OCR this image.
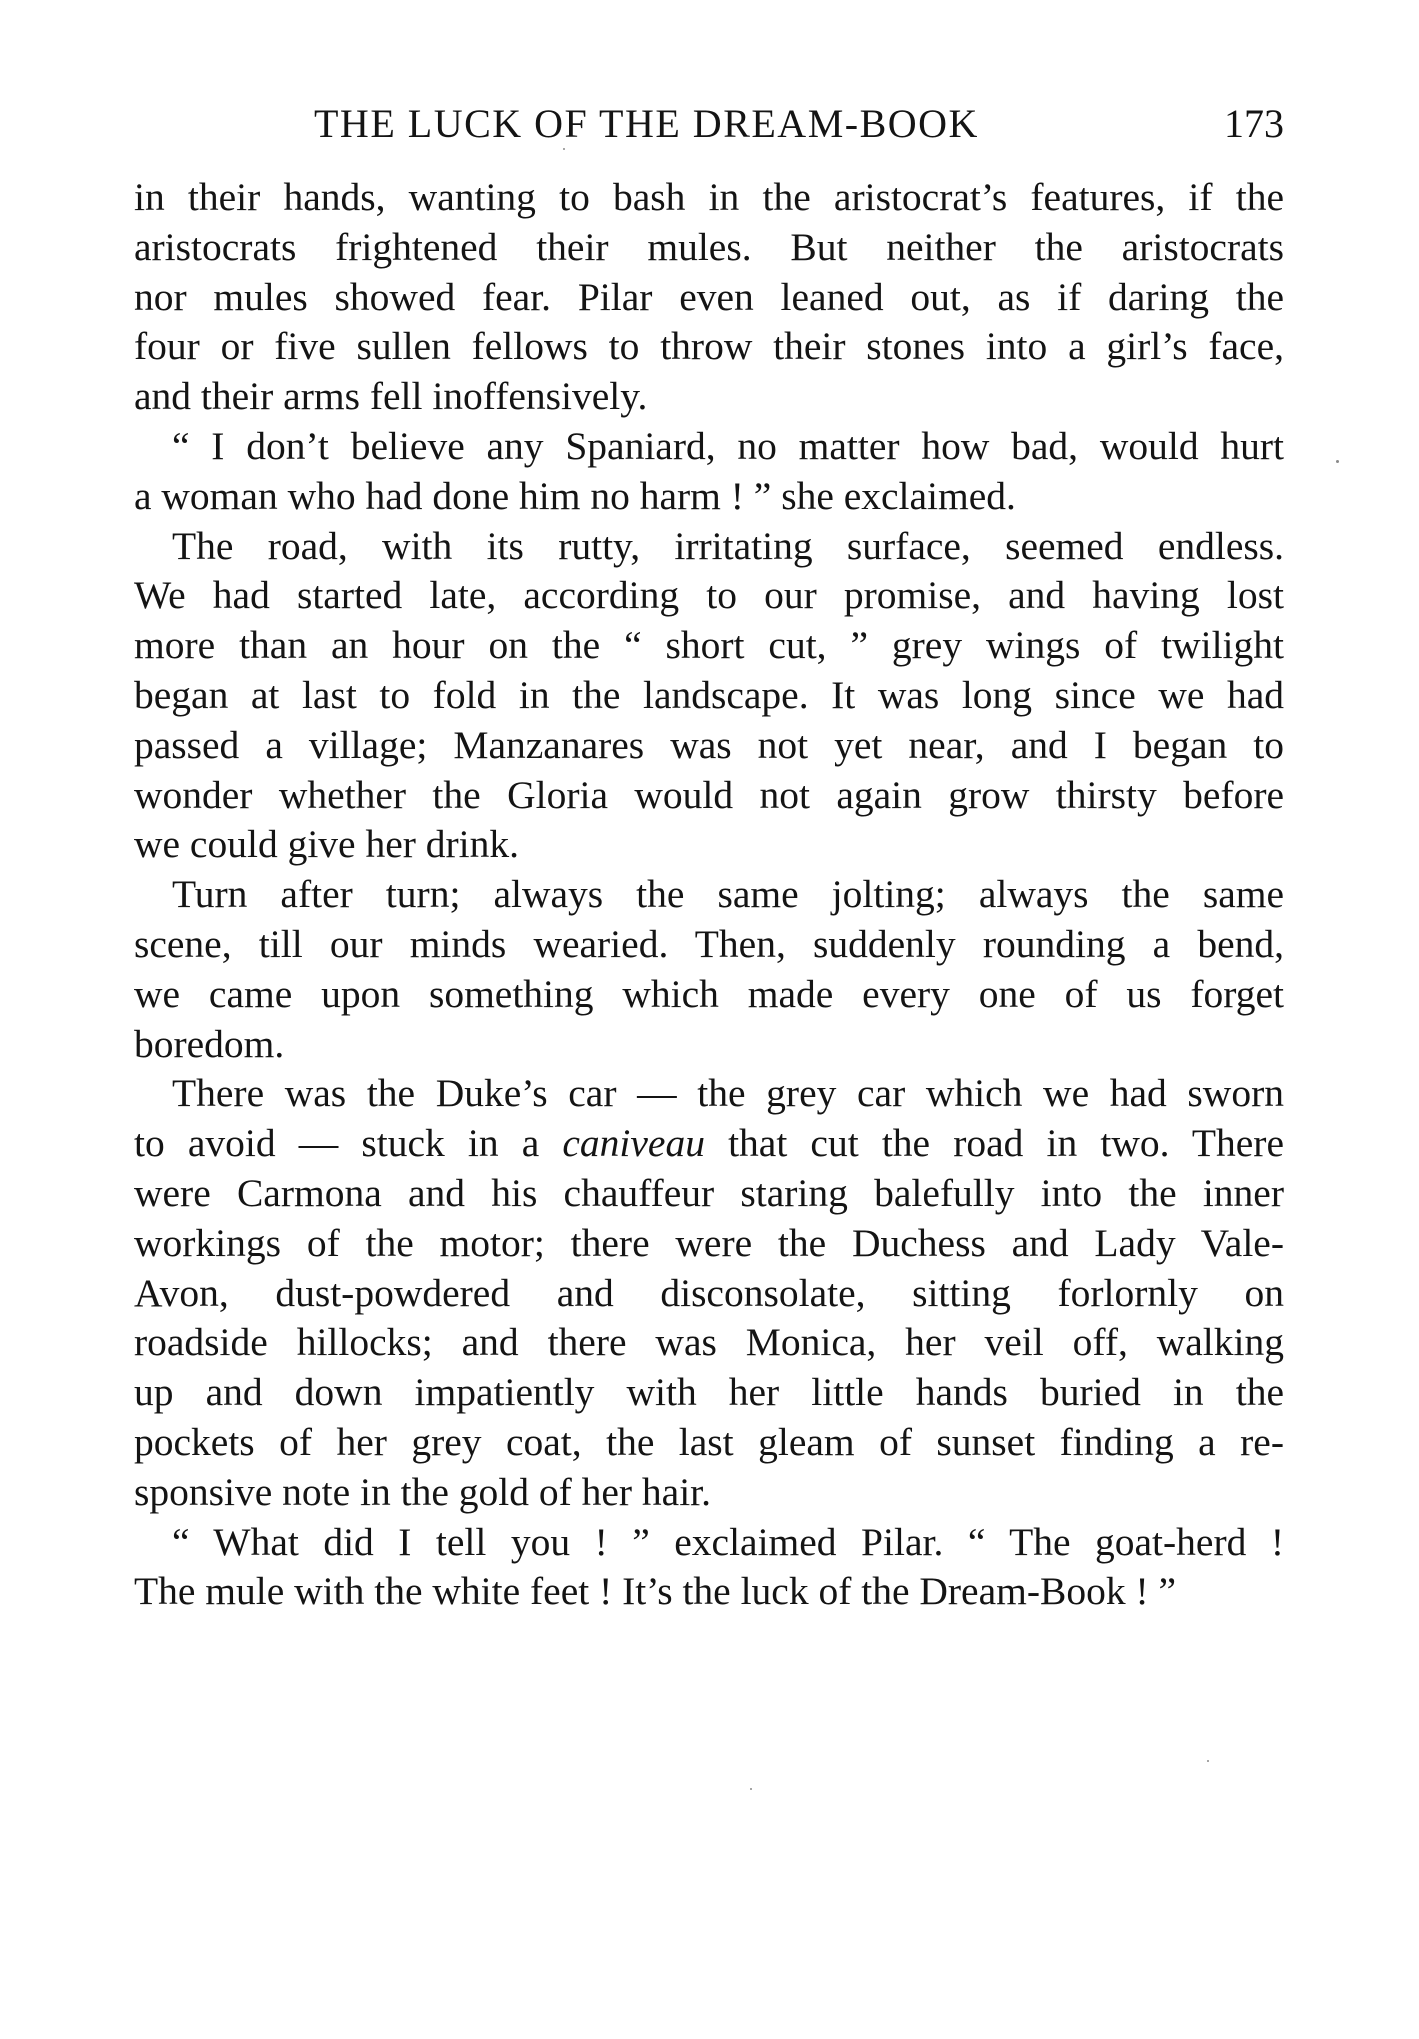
THE LUCK OF THE DREAM-BOOK	173
in their hands, wanting to bash in the aristocrat’s features, if the
aristocrats frightened their mules. But neither the aristocrats
nor mules showed fear. Pilar even leaned out, as if daring the
four or five sullen fellows to throw their stones into a girl’s face,
and their arms fell inoffensively.
“ I don’t believe any Spaniard, no matter how bad, would hurt
a woman who had done him no harm ! ” she exclaimed.
The road, with its rutty, irritating surface, seemed endless.
We had started late, according to our promise, and having lost
more than an hour on the “ short cut, ” grey wings of twilight
began at last to fold in the landscape. It was long since we had
passed a village; Manzanares was not yet near, and I began to
wonder whether the Gloria would not again grow thirsty before
we could give her drink.
Turn after turn; always the same jolting; always the same
scene, till our minds wearied. Then, suddenly rounding a bend,
we came upon something which made every one of us forget
boredom.
There was the Duke’s car — the grey car which we had sworn
to avoid — stuck in a caniveau that cut the road in two. There
were Carmona and his chauffeur staring balefully into the inner
workings of the motor; there were the Duchess and Lady Vale-
Avon, dust-powdered and disconsolate, sitting forlornly on
roadside hillocks; and there was Monica, her veil off, walking
up and down impatiently with her little hands buried in the
pockets of her grey coat, the last gleam of sunset finding a re-
sponsive note in the gold of her hair.
“ What did I tell you ! ” exclaimed Pilar. “ The goat-herd !
The mule with the white feet ! It’s the luck of the Dream-Book ! ”
